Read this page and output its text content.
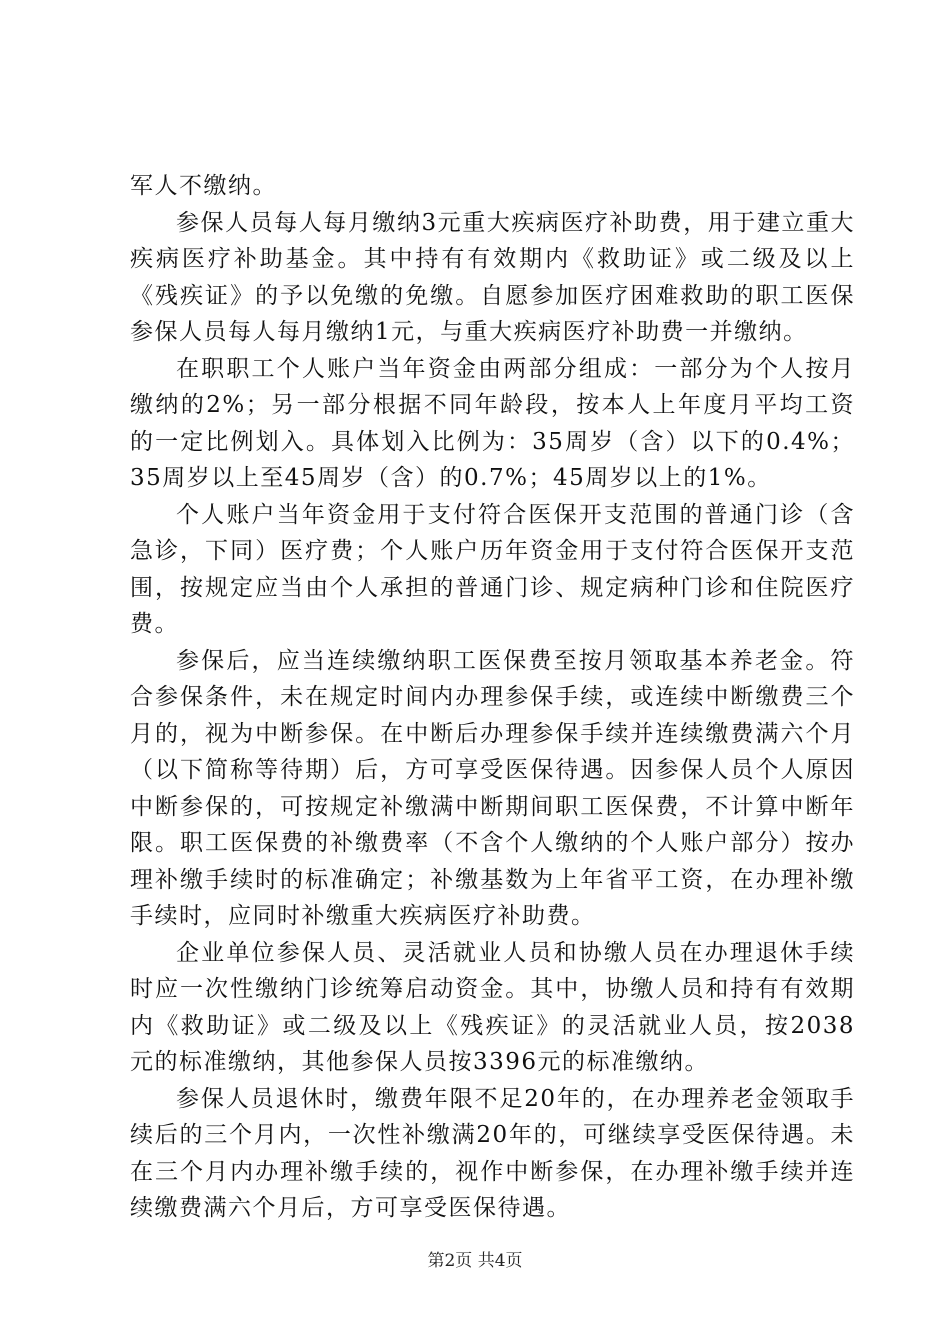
军人不缴纳。

参保人员每人每月缴纳3元重大疾病医疗补助费，用于建立重大疾病医疗补助基金。其中持有有效期内《救助证》或二级及以上《残疾证》的予以免缴的免缴。自愿参加医疗困难救助的职工医保参保人员每人每月缴纳1元，与重大疾病医疗补助费一并缴纳。

在职职工个人账户当年资金由两部分组成：一部分为个人按月缴纳的2%；另一部分根据不同年龄段，按本人上年度月平均工资的一定比例划入。具体划入比例为：35周岁（含）以下的0.4%；35周岁以上至45周岁（含）的0.7%；45周岁以上的1%。

个人账户当年资金用于支付符合医保开支范围的普通门诊（含急诊，下同）医疗费；个人账户历年资金用于支付符合医保开支范围，按规定应当由个人承担的普通门诊、规定病种门诊和住院医疗费。

参保后，应当连续缴纳职工医保费至按月领取基本养老金。符合参保条件，未在规定时间内办理参保手续，或连续中断缴费三个月的，视为中断参保。在中断后办理参保手续并连续缴费满六个月（以下简称等待期）后，方可享受医保待遇。因参保人员个人原因中断参保的，可按规定补缴满中断期间职工医保费，不计算中断年限。职工医保费的补缴费率（不含个人缴纳的个人账户部分）按办理补缴手续时的标准确定；补缴基数为上年省平工资，在办理补缴手续时，应同时补缴重大疾病医疗补助费。

企业单位参保人员、灵活就业人员和协缴人员在办理退休手续时应一次性缴纳门诊统筹启动资金。其中，协缴人员和持有有效期内《救助证》或二级及以上《残疾证》的灵活就业人员，按2038元的标准缴纳，其他参保人员按3396元的标准缴纳。

参保人员退休时，缴费年限不足20年的，在办理养老金领取手续后的三个月内，一次性补缴满20年的，可继续享受医保待遇。未在三个月内办理补缴手续的，视作中断参保，在办理补缴手续并连续缴费满六个月后，方可享受医保待遇。

第2页 共4页
